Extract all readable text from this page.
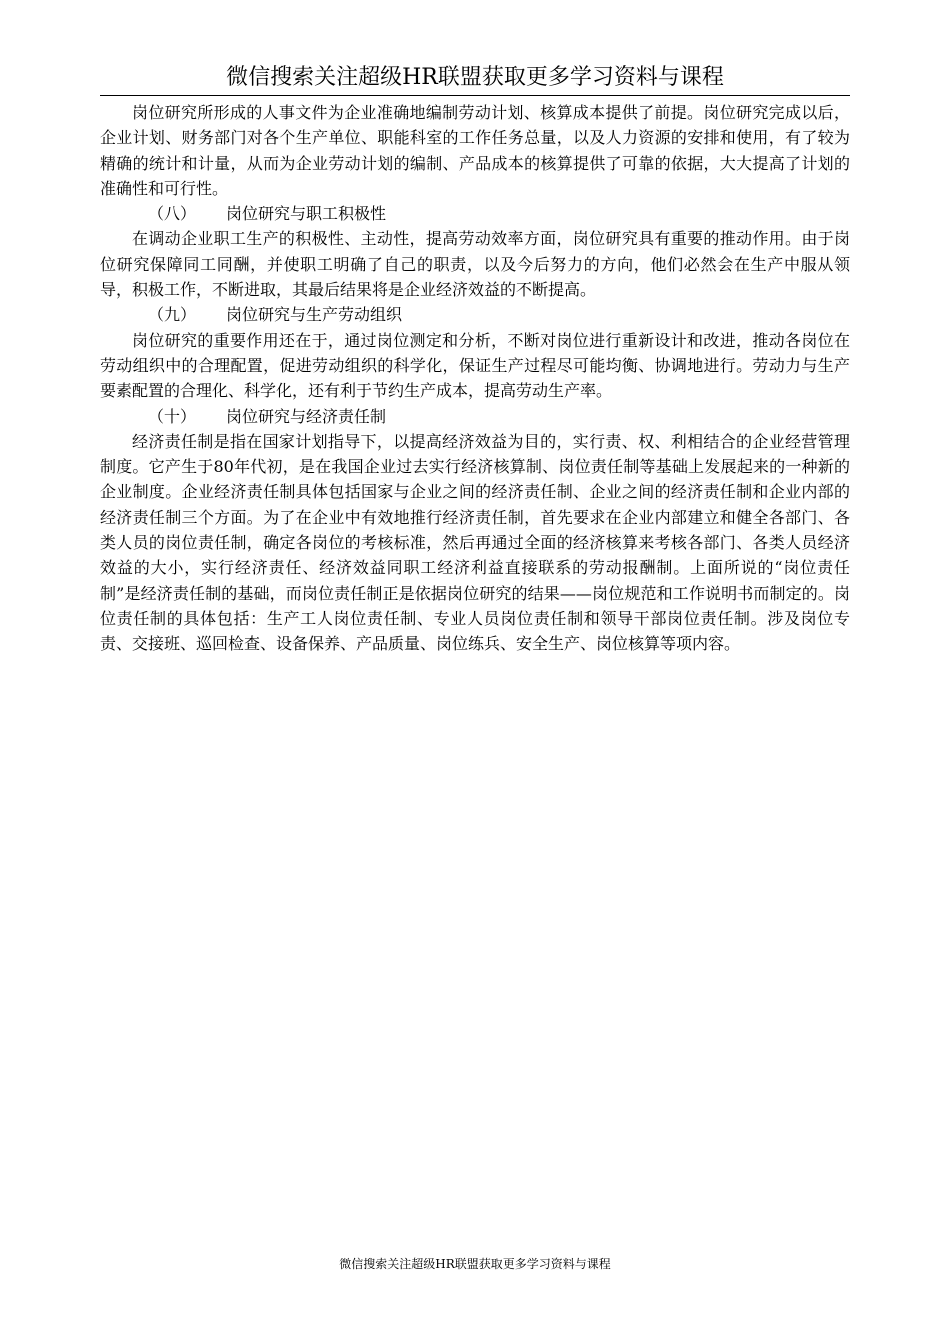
微信搜索关注超级HR联盟获取更多学习资料与课程

岗位研究所形成的人事文件为企业准确地编制劳动计划、核算成本提供了前提。岗位研究完成以后，企业计划、财务部门对各个生产单位、职能科室的工作任务总量，以及人力资源的安排和使用，有了较为精确的统计和计量，从而为企业劳动计划的编制、产品成本的核算提供了可靠的依据，大大提高了计划的准确性和可行性。

（八） 岗位研究与职工积极性

在调动企业职工生产的积极性、主动性，提高劳动效率方面，岗位研究具有重要的推动作用。由于岗位研究保障同工同酬，并使职工明确了自己的职责，以及今后努力的方向，他们必然会在生产中服从领导，积极工作，不断进取，其最后结果将是企业经济效益的不断提高。

（九） 岗位研究与生产劳动组织

岗位研究的重要作用还在于，通过岗位测定和分析，不断对岗位进行重新设计和改进，推动各岗位在劳动组织中的合理配置，促进劳动组织的科学化，保证生产过程尽可能均衡、协调地进行。劳动力与生产要素配置的合理化、科学化，还有利于节约生产成本，提高劳动生产率。

（十） 岗位研究与经济责任制

经济责任制是指在国家计划指导下，以提高经济效益为目的，实行责、权、利相结合的企业经营管理制度。它产生于80年代初，是在我国企业过去实行经济核算制、岗位责任制等基础上发展起来的一种新的企业制度。企业经济责任制具体包括国家与企业之间的经济责任制、企业之间的经济责任制和企业内部的经济责任制三个方面。为了在企业中有效地推行经济责任制，首先要求在企业内部建立和健全各部门、各类人员的岗位责任制，确定各岗位的考核标准，然后再通过全面的经济核算来考核各部门、各类人员经济效益的大小，实行经济责任、经济效益同职工经济利益直接联系的劳动报酬制。上面所说的“岗位责任制”是经济责任制的基础，而岗位责任制正是依据岗位研究的结果——岗位规范和工作说明书而制定的。岗位责任制的具体包括：生产工人岗位责任制、专业人员岗位责任制和领导干部岗位责任制。涉及岗位专责、交接班、巡回检查、设备保养、产品质量、岗位练兵、安全生产、岗位核算等项内容。

微信搜索关注超级HR联盟获取更多学习资料与课程
